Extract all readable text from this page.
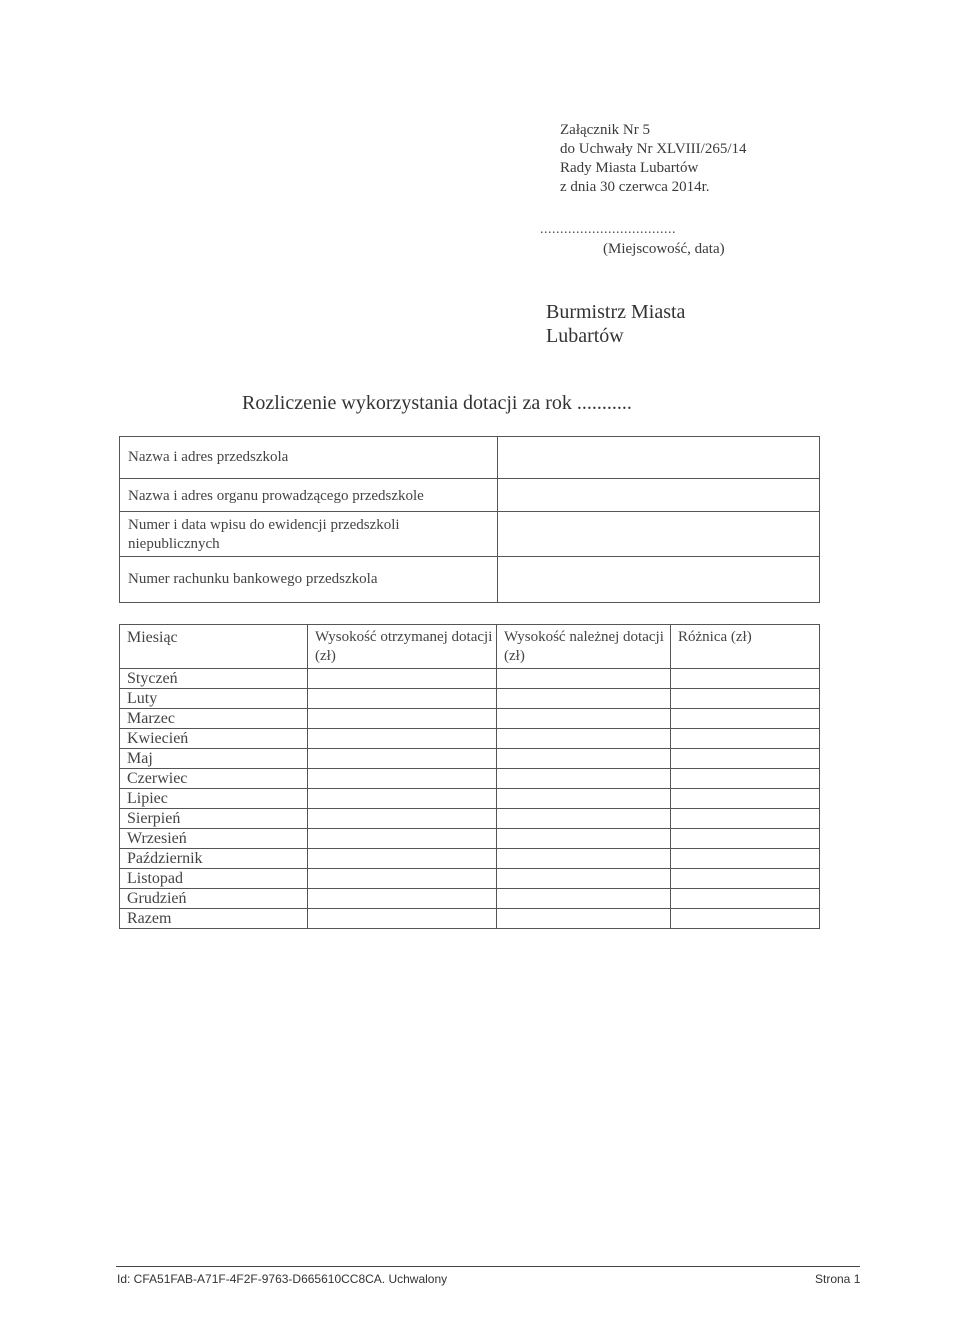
Załącznik Nr 5
do Uchwały Nr XLVIII/265/14
Rady Miasta Lubartów
z dnia 30 czerwca 2014r.
..................................
(Miejscowość, data)
Burmistrz Miasta
Lubartów
Rozliczenie wykorzystania dotacji za rok ...........
Nazwa i adres przedszkola	
Nazwa i adres organu prowadzącego przedszkole	
Numer i data wpisu do ewidencji przedszkoli niepublicznych	
Numer rachunku bankowego przedszkola	
Miesiąc	Wysokość otrzymanej dotacji (zł)	Wysokość należnej dotacji (zł)	Różnica (zł)
Styczeń			
Luty			
Marzec			
Kwiecień			
Maj			
Czerwiec			
Lipiec			
Sierpień			
Wrzesień			
Październik			
Listopad			
Grudzień			
Razem			
Id: CFA51FAB-A71F-4F2F-9763-D665610CC8CA. Uchwalony	Strona 1
